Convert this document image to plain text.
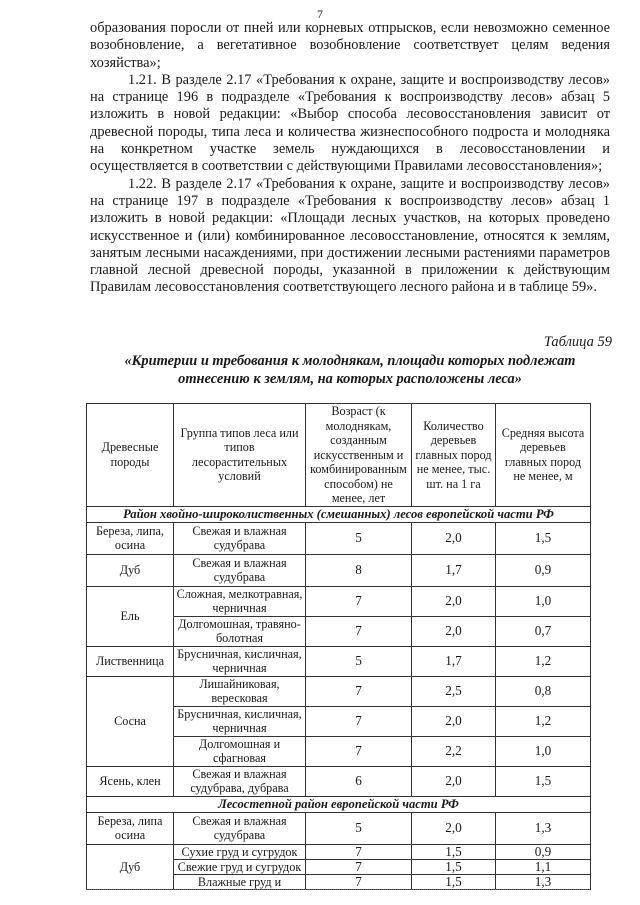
7

образования поросли от пней или корневых отпрысков, если невозможно семенное возобновление, а вегетативное возобновление соответствует целям ведения хозяйства»;

1.21. В разделе 2.17 «Требования к охране, защите и воспроизводству лесов» на странице 196 в подразделе «Требования к воспроизводству лесов» абзац 5 изложить в новой редакции: «Выбор способа лесовосстановления зависит от древесной породы, типа леса и количества жизнеспособного подроста и молодняка на конкретном участке земель нуждающихся в лесовосстановлении и осуществляется в соответствии с действующими Правилами лесовосстановления»;

1.22. В разделе 2.17 «Требования к охране, защите и воспроизводству лесов» на странице 197 в подразделе «Требования к воспроизводству лесов» абзац 1 изложить в новой редакции: «Площади лесных участков, на которых проведено искусственное и (или) комбинированное лесовосстановление, относятся к землям, занятым лесными насаждениями, при достижении лесными растениями параметров главной лесной древесной породы, указанной в приложении к действующим Правилам лесовосстановления соответствующего лесного района и в таблице 59».

Таблица 59
«Критерии и требования к молоднякам, площади которых подлежат отнесению к землям, на которых расположены леса»
Древесные породы	Группа типов леса или типов лесорастительных условий	Возраст (к молоднякам, созданным искусственным и комбинированным способом) не менее, лет	Количество деревьев главных пород не менее, тыс. шт. на 1 га	Средняя высота деревьев главных пород не менее, м
Район хвойно-широколиственных (смешанных) лесов европейской части РФ				
Береза, липа, осина	Свежая и влажная судубрава	5	2,0	1,5
Дуб	Свежая и влажная судубрава	8	1,7	0,9
Ель	Сложная, мелкотравная, черничная	7	2,0	1,0
	Долгомошная, травяно-болотная	7	2,0	0,7
Лиственница	Брусничная, кисличная, черничная	5	1,7	1,2
Сосна	Лишайниковая, вересковая	7	2,5	0,8
	Брусничная, кисличная, черничная	7	2,0	1,2
	Долгомошная и сфагновая	7	2,2	1,0
Ясень, клен	Свежая и влажная судубрава, дубрава	6	2,0	1,5
Лесостепной район европейской части РФ				
Береза, липа осина	Свежая и влажная судубрава	5	2,0	1,3
Дуб	Сухие груд и сугрудок	7	1,5	0,9
	Свежие груд и сугрудок	7	1,5	1,1
	Влажные груд и	7	1,5	1,3
